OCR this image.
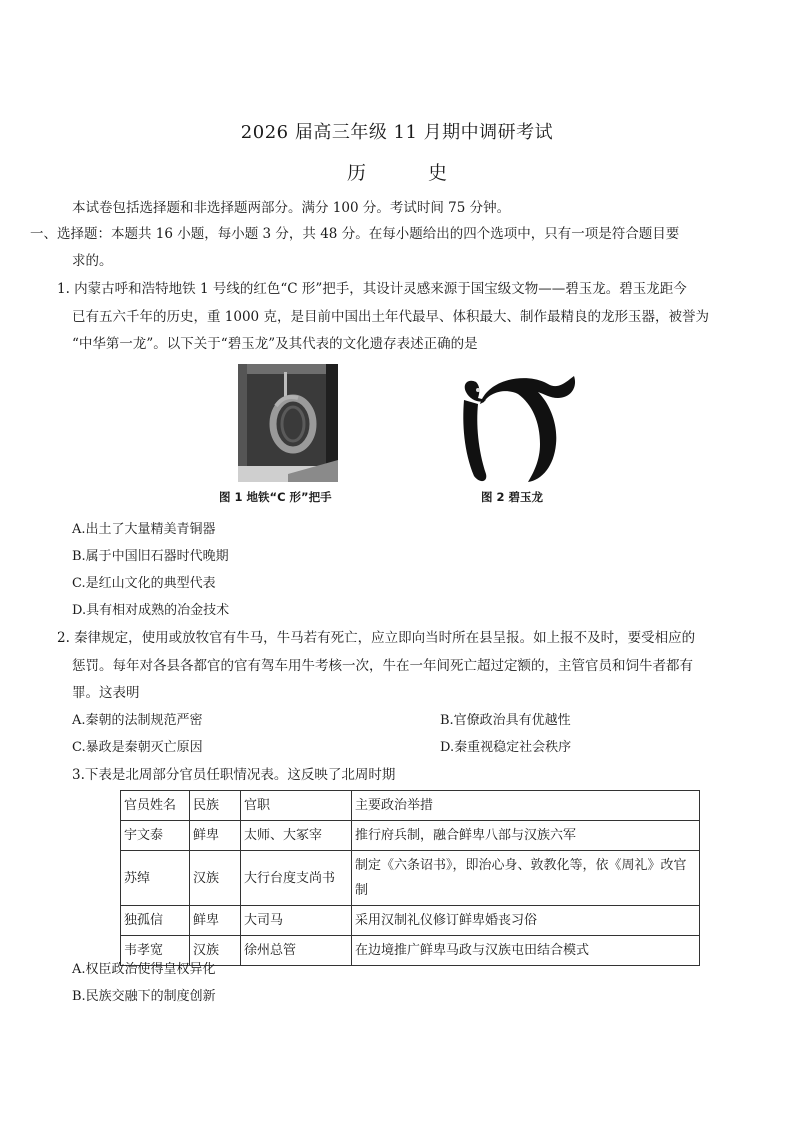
2026 届高三年级 11 月期中调研考试
历 史
本试卷包括选择题和非选择题两部分。满分 100 分。考试时间 75 分钟。
一、选择题：本题共 16 小题，每小题 3 分，共 48 分。在每小题给出的四个选项中，只有一项是符合题目要
求的。
1. 内蒙古呼和浩特地铁 1 号线的红色“C 形”把手，其设计灵感来源于国宝级文物——碧玉龙。碧玉龙距今
已有五六千年的历史，重 1000 克，是目前中国出土年代最早、体积最大、制作最精良的龙形玉器，被誉为
“中华第一龙”。以下关于“碧玉龙”及其代表的文化遗存表述正确的是
图 1 地铁“C 形”把手	图 2 碧玉龙
A.出土了大量精美青铜器
B.属于中国旧石器时代晚期
C.是红山文化的典型代表
D.具有相对成熟的冶金技术
2. 秦律规定，使用或放牧官有牛马，牛马若有死亡，应立即向当时所在县呈报。如上报不及时，要受相应的
惩罚。每年对各县各都官的官有驾车用牛考核一次，牛在一年间死亡超过定额的，主管官员和饲牛者都有
罪。这表明
A.秦朝的法制规范严密	B.官僚政治具有优越性
C.暴政是秦朝灭亡原因	D.秦重视稳定社会秩序
3.下表是北周部分官员任职情况表。这反映了北周时期
官员姓名	民族	官职	主要政治举措
宇文泰	鲜卑	太师、大冢宰	推行府兵制，融合鲜卑八部与汉族六军
苏绰	汉族	大行台度支尚书	制定《六条诏书》，即治心身、敦教化等，依《周礼》改官制
独孤信	鲜卑	大司马	采用汉制礼仪修订鲜卑婚丧习俗
韦孝宽	汉族	徐州总管	在边境推广鲜卑马政与汉族屯田结合模式
A.权臣政治使得皇权异化
B.民族交融下的制度创新
